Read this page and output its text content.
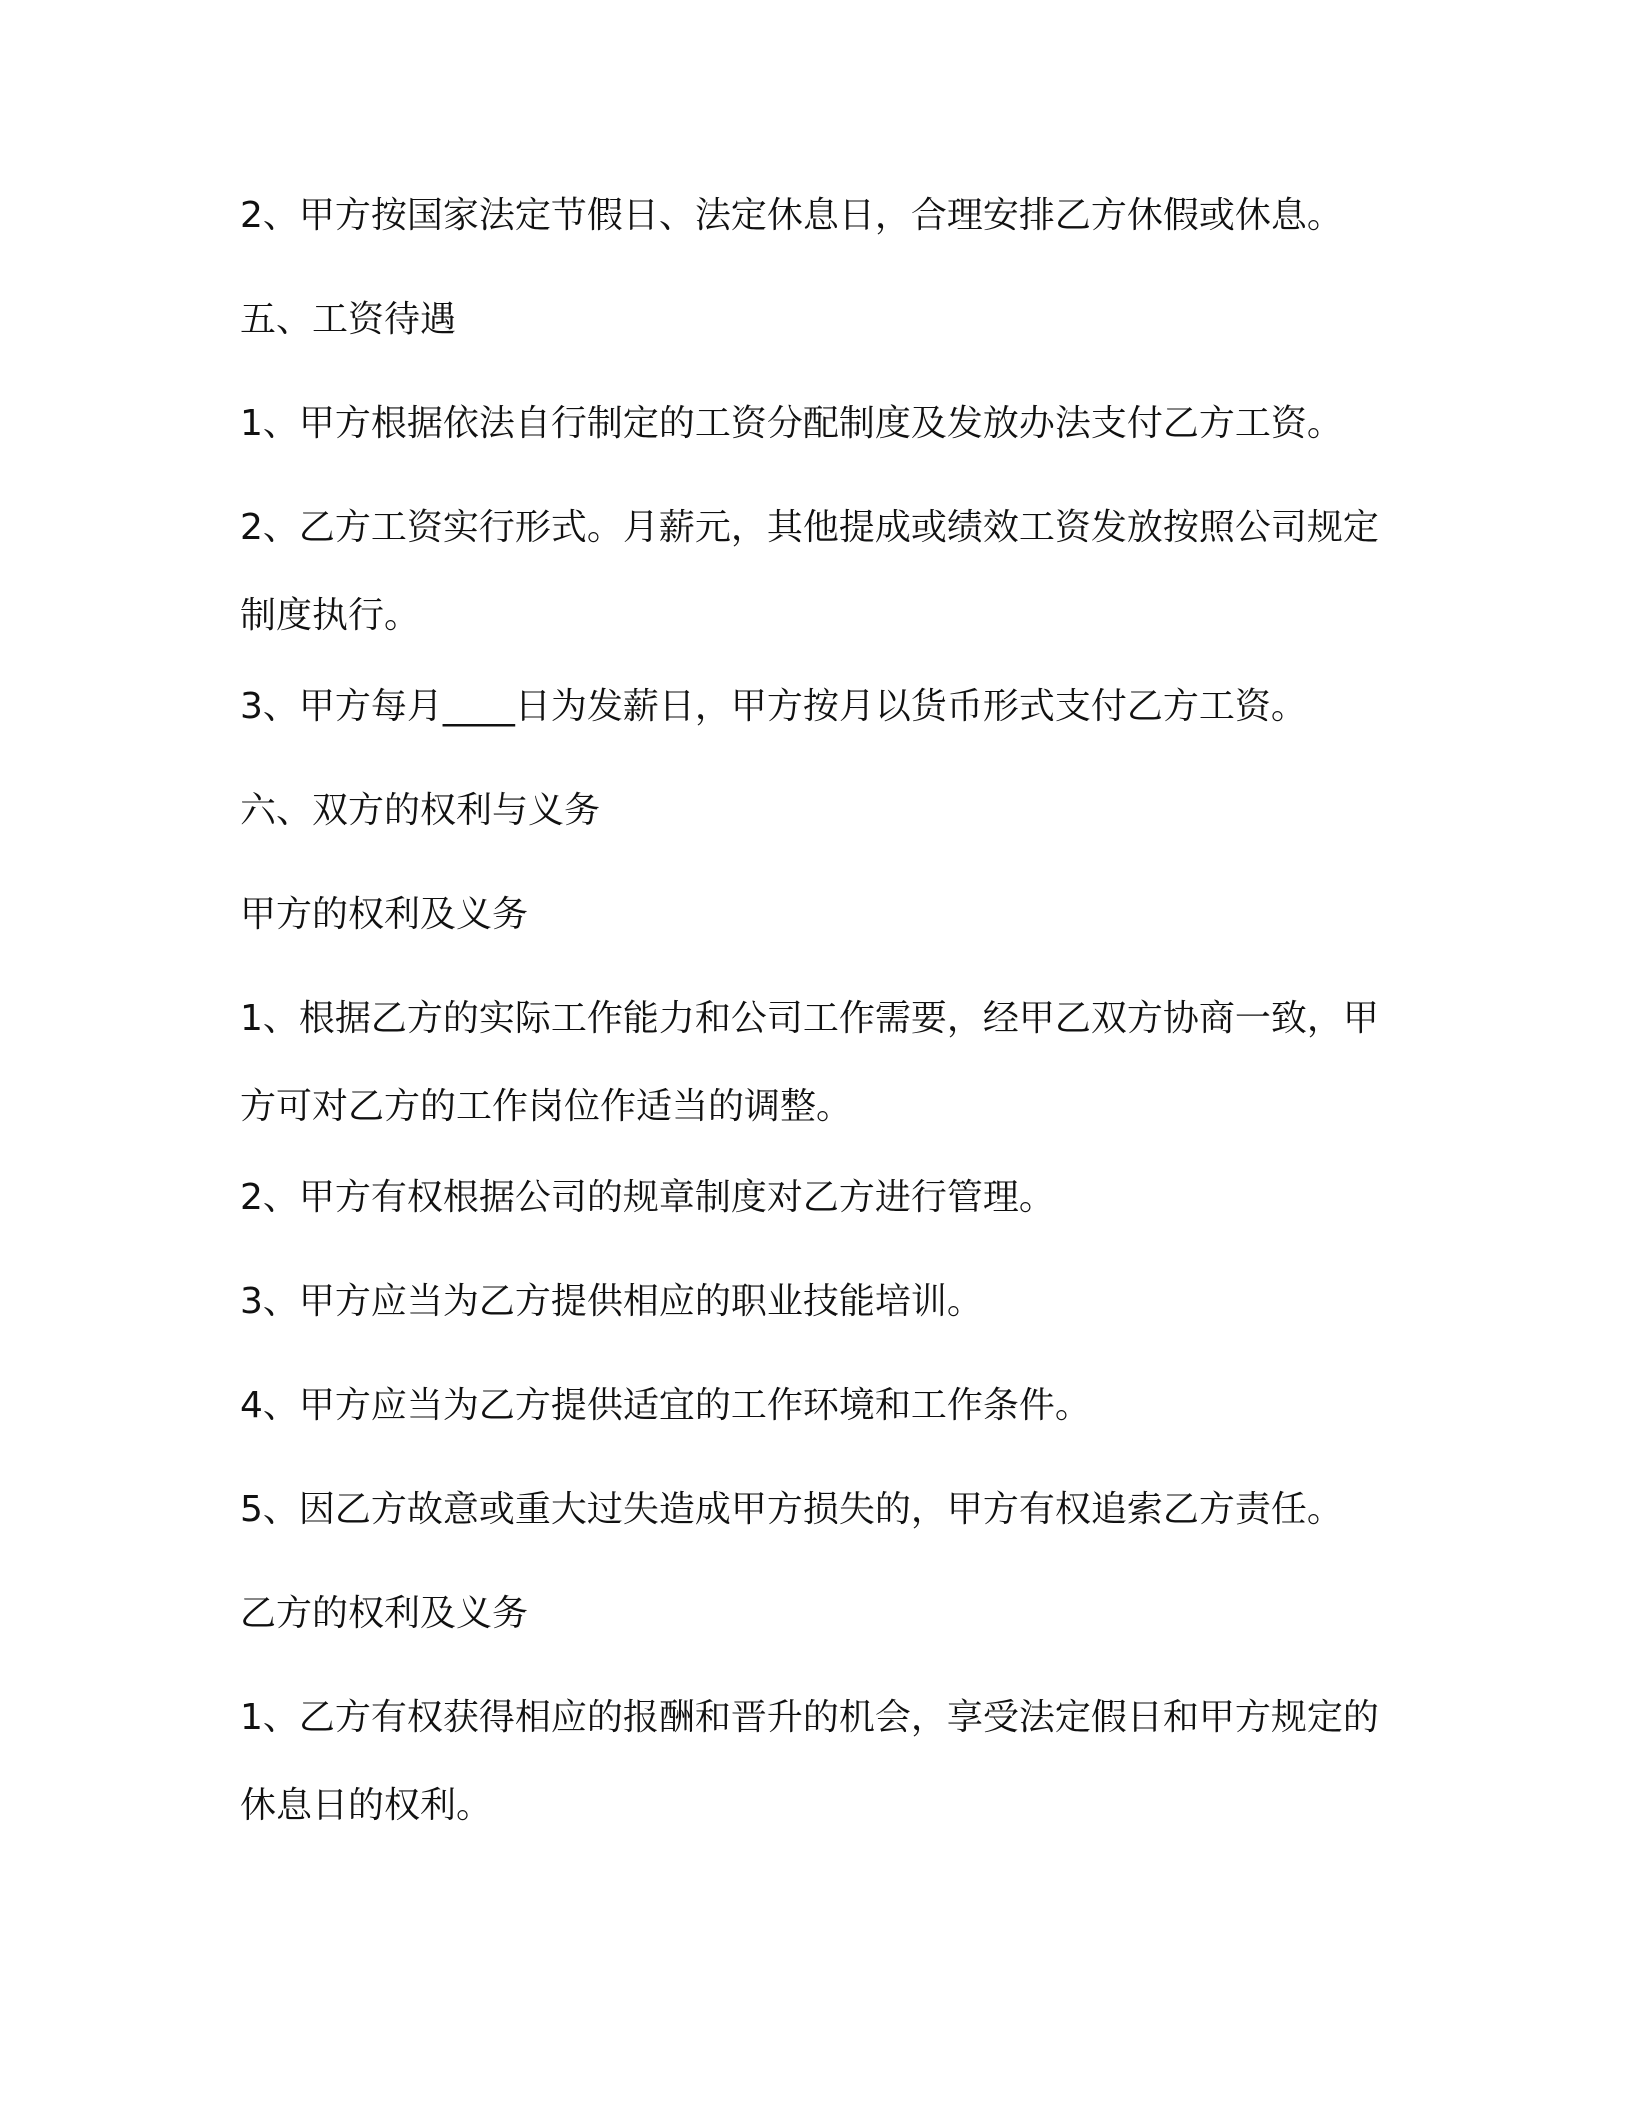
2、甲方按国家法定节假日、法定休息日，合理安排乙方休假或休息。
五、工资待遇
1、甲方根据依法自行制定的工资分配制度及发放办法支付乙方工资。
2、乙方工资实行形式。月薪元，其他提成或绩效工资发放按照公司规定制度执行。
3、甲方每月____日为发薪日，甲方按月以货币形式支付乙方工资。
六、双方的权利与义务
甲方的权利及义务
1、根据乙方的实际工作能力和公司工作需要，经甲乙双方协商一致，甲方可对乙方的工作岗位作适当的调整。
2、甲方有权根据公司的规章制度对乙方进行管理。
3、甲方应当为乙方提供相应的职业技能培训。
4、甲方应当为乙方提供适宜的工作环境和工作条件。
5、因乙方故意或重大过失造成甲方损失的，甲方有权追索乙方责任。
乙方的权利及义务
1、乙方有权获得相应的报酬和晋升的机会，享受法定假日和甲方规定的休息日的权利。
